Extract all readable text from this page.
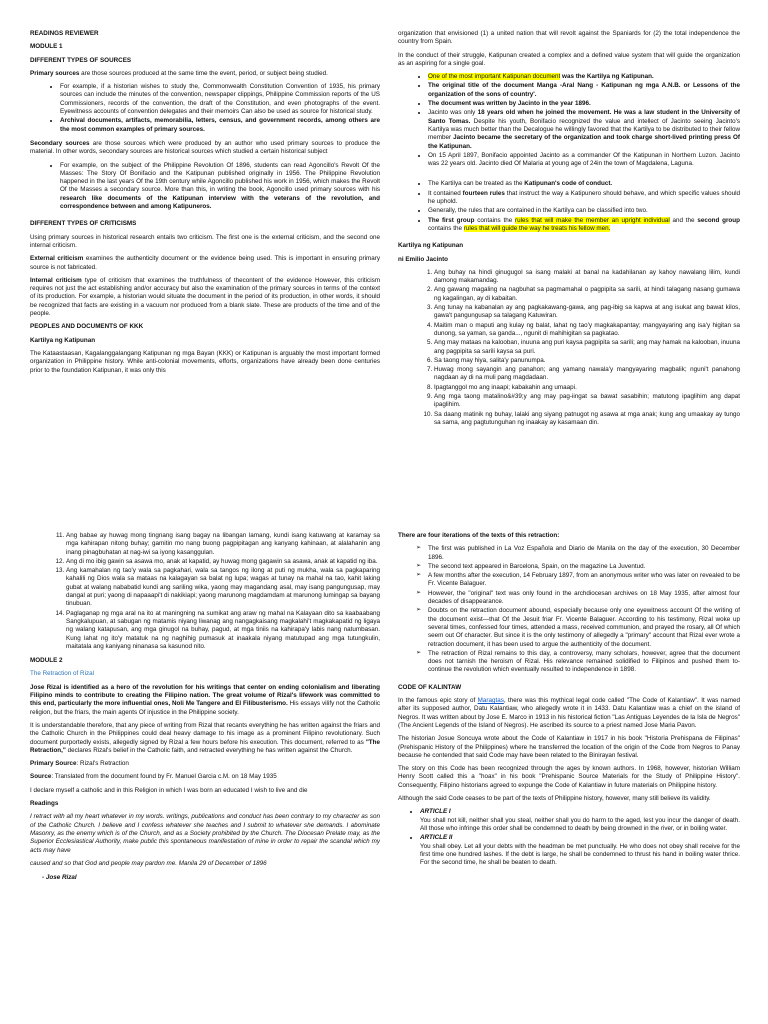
READINGS REVIEWER

MODULE 1

DIFFERENT TYPES OF SOURCES

Primary sources are those sources produced at the same time the event, period, or subject being studied.

• For example, if a historian wishes to study the, Commonwealth Constitution Convention of 1935, his primary sources can include the minutes of the convention, newspaper clippings, Philippine Commission reports of the US Commissioners, records of the convention, the draft of the Constitution, and even photographs of the event. Eyewitness accounts of convention delegates and their memoirs Can also be used as source for historical study.
• Archival documents, artifacts, memorabilia, letters, census, and government records, among others are the most common examples of primary sources.

Secondary sources are those sources which were produced by an author who used primary sources to produce the material. In other words, secondary sources are historical sources which studied a certain historical subject

• For example, on the subject of the Philippine Revolution Of 1896, students can read Agoncillo's Revolt Of the Masses: The Story Of Bonifacio and the Katipunan published originally in 1956. The Philippine Revolution happened in the last years Of the 19th century while Agoncillo published his work in 1956, which makes the Revolt Of the Masses a secondary source. More than this, in writing the book, Agoncillo used primary sources with his research like documents of the Katipunan interview with the veterans of the revolution, and correspondence between and among Katipuneros.

DIFFERENT TYPES OF CRITICISMS

Using primary sources in historical research entails two criticism. The first one is the external criticism, and the second one internal criticism.

External criticism examines the authenticity document or the evidence being used. This is important in ensuring primary source is not fabricated.

Internal criticism type of criticism that examines the truthfulness of thecontent of the evidence However, this criticism requires not just the act establishing and/or accuracy but also the examination of the primary sources in terms of the context of its production. For example, a historian would situate the document in the period of its production, in other words, it should be recognized that facts are existing in a vacuum nor produced from a blank slate. These are products of the time and of the people.

PEOPLES AND DOCUMENTS OF KKK

Kartilya ng Katipunan

The Kataastaasan, Kagalanggalangang Katipunan ng mga Bayan (KKK) or Katipunan is arguably the most important formed organization in Philippine history. While anti-colonial movements, efforts, organizations have already been done centuries prior to the foundation Katipunan, it was only this

organization that envisioned (1) a united nation that will revolt against the Spaniards for (2) the total independence the country from Spain.

In the conduct of their struggle, Katipunan created a complex and a defined value system that will guide the organization as an aspiring for a single goal.

• One of the most important Katipunan document was the Kartilya ng Katipunan.
• The original title of the document Manga -Aral Nang - Katipunan ng mga A.N.B. or Lessons of the organization of the sons of country'.
• The document was written by Jacinto in the year 1896.
• Jacinto was only 18 years old when he joined the movement. He was a law student in the University of Santo Tomas. Despite his youth, Bonifacio recognized the value and intellect of Jacinto seeing Jacinto's Kartilya was much better than the Decalogue he willingly favored that the Kartilya to be distributed to their fellow member Jacinto became the secretary of the organization and took charge short-lived printing press Of the Katipunan.
• On 15 April 1897, Bonifacio appointed Jacinto as a commander Of the Katipunan in Northern Luzon. Jacinto was 22 years old. Jacinto died Of Malaria at young age of 24in the town of Magdalena, Laguna.
• The Kartilya can be treated as the Katipunan's code of conduct.
• It contained fourteen rules that instruct the way a Katipunero should behave, and which specific values should he uphold.
• Generally, the rules that are contained in the Kartilya can be classified into two.
• The first group contains the rules that will make the member an upright individual and the second group contains the rules that will guide the way he treats his fellow men.

Kartilya ng Katipunan

ni Emilio Jacinto

1. Ang buhay na hindi ginugugol sa isang malaki at banal na kadahilanan ay kahoy nawalang lilim, kundi damong makamandag.
2. Ang gawang magaling na nagbuhat sa pagmamahal o pagpipita sa sarili, at hindi talagang nasang gumawa ng kagalingan, ay di kabaitan.
3. Ang tunay na kabanalan ay ang pagkakawang-gawa, ang pag-ibig sa kapwa at ang isukat ang bawat kilos, gawa't pangungusap sa talagang Katuwiran.
4. Maitim man o maputi ang kulay ng balat, lahat ng tao'y magkakapantay; mangyayaring ang isa'y higitan sa dunong, sa yaman, sa ganda..., ngunit di mahihigitan sa pagkatao.
5. Ang may mataas na kalooban, inuuna ang puri kaysa pagpipita sa sarili; ang may hamak na kalooban, inuuna ang pagpipita sa sarili kaysa sa puri.
6. Sa taong may hiya, salita'y panunumpa.
7. Huwag mong sayangin ang panahon; ang yamang nawala'y mangyayaring magbalik; nguni't panahong nagdaan ay di na muli pang magdadaan.
8. Ipagtanggol mo ang inaapi; kabakahin ang umaapi.
9. Ang mga taong matalino&#39;y ang may pag-iingat sa bawat sasabihin; matutong ipaglihim ang dapat ipaglihim.
10. Sa daang matinik ng buhay, lalaki ang siyang patnugot ng asawa at mga anak; kung ang umaakay ay tungo sa sama, ang pagtutunguhan ng inaakay ay kasamaan din.
11. Ang babae ay huwag mong tingnang isang bagay na libangan lamang, kundi isang katuwang at karamay sa mga kahirapan nitong buhay; gamitin mo nang buong pagpipitagan ang kanyang kahinaan, at alalahanin ang inang pinagbuhatan at nag-iwi sa iyong kasanggulan.
12. Ang di mo ibig gawin sa asawa mo, anak at kapatid, ay huwag mong gagawin sa asawa, anak at kapatid ng iba.
13. Ang kamahalan ng tao'y wala sa pagkahari, wala sa tangos ng ilong at puti ng mukha, wala sa pagkaparing kahalili ng Dios wala sa mataas na kalagayan sa balat ng lupa; wagas at tunay na mahal na tao, kahit laking gubat at walang nababatid kundi ang sariling wika, yaong may magandang asal, may isang pangungusap, may dangal at puri; yaong di napaaapi't di nakikiapi; yaong marunong magdamdam at marunong lumingap sa bayang tinubuan.
14. Paglaganap ng mga aral na ito at maningning na sumikat ang araw ng mahal na Kalayaan dito sa kaabaabang Sangkalupuan, at sabugan ng matamis niyang liwanag ang nangagkaisang magkalahi't magkakapatid ng ligaya ng walang katapusan, ang mga ginugol na buhay, pagud, at mga tiniis na kahirapa'y labis nang natumbasan. Kung lahat ng ito'y matatuk na ng naghihig pumasuk at inaakala niyang matutupad ang mga tutungkulin, maitatala ang kaniyang ninanasa sa kasunod nito.

MODULE 2

The Retraction of Rizal

Jose Rizal is identified as a hero of the revolution for his writings that center on ending colonialism and liberating Filipino minds to contribute to creating the Filipino nation. The great volume of Rizal's lifework was committed to this end, particularly the more influential ones, Noli Me Tangere and El Filibusterismo. His essays vilify not the Catholic religion, but the friars, the main agents Of injustice in the Philippine society.

It is understandable therefore, that any piece of writing from Rizal that recants everything he has written against the friars and the Catholic Church in the Philippines could deal heavy damage to his image as a prominent Filipino revolutionary. Such document purportedly exists, allegedly signed by Rizal a few hours before his execution. This document, referred to as "The Retraction," declares Rizal's belief in the Catholic faith, and retracted everything he has written against the Church.

Primary Source: Rizal's Retraction

Source: Translated from the document found by Fr. Manuel Garcia c.M. on 18 May 1935

I declare myself a catholic and in this Religion in which I was born an educated I wish to live and die

Readings

I retract with all my heart whatever in my words. writings, publications and conduct has been contrary to my character as son of the Catholic Church. I believe and I confess whatever she teaches and I submit to whatever she demands. I abominate Masonry, as the enemy which is of the Church, and as a Society prohibited by the Church. The Diocesan Prelate may, as the Superior Ecclesiastical Authority, make public this spontaneous manifestation of mine in order to repair the scandal which my acts may have

caused and so that God and people may pardon me. Manila 29 of December of 1896

- Jose Rizal

There are four iterations of the texts of this retraction:

➢ The first was published in La Voz Española and Diario de Manila on the day of the execution, 30 December 1896.
➢ The second text appeared in Barcelona, Spain, on the magazine La Juventud.
➢ A few months after the execution, 14 February 1897, from an anonymous writer who was later on revealed to be Fr. Vicente Balaguer.
➢ However, the "original" text was only found in the archdiocesan archives on 18 May 1935, after almost four decades of disappearance.
➢ Doubts on the retraction document abound, especially because only one eyewitness account Of the writing of the document exist—that Of the Jesuit friar Fr. Vicente Balaguer. According to his testimony, Rizal woke up several times, confessed four times, attended a mass, received communion, and prayed the rosary, all Of which seem out Of character. But since it is the only testimony of allegedly a "primary" account that Rizal ever wrote a retraction document, it has been used to argue the authenticity of the document.
➢ The retraction of Rizal remains to this day, a controversy, many scholars, however, agree that the document does not tarnish the heroism of Rizal. His relevance remained solidified to Filipinos and pushed them to-continue the revolution which eventually resulted to independence in 1898.

CODE OF KALINTAW

In the famous epic story of Maragtas, there was this mythical legal code called "The Code of Kalantiaw". It was named after its supposed author, Datu Kalantiaw, who allegedly wrote it in 1433. Datu Kalantiaw was a chief on the island of Negros. It was written about by Jose E. Marco in 1913 in his historical fiction "Las Antiguas Leyendes de la Isla de Negros" (The Ancient Legends of the Island of Negros). He ascribed its source to a priest named Jose Maria Pavon.

The historian Josue Soncuya wrote about the Code of Kalantiaw in 1917 in his book "Historia Prehispana de Filipinas" (Prehispanic History of the Philippines) where he transferred the location of the origin of the Code from Negros to Panay because he contended that said Code may have been related to the Binirayan festival.

The story on this Code has been recognized through the ages by known authors. In 1968, however, historian William Henry Scott called this a "hoax" in his book "Prehispanic Source Materials for the Study of Philippine History". Consequently, Filipino historians agreed to expunge the Code of Kalantiaw in future materials on Philippine history.

Although the said Code ceases to be part of the texts of Philippine history, however, many still believe its validity.

• ARTICLE I
You shall not kill, neither shall you steal, neither shall you do harm to the aged, lest you incur the danger of death. All those who infringe this order shall be condemned to death by being drowned in the river, or in boiling water.
• ARTICLE II
You shall obey. Let all your debts with the headman be met punctually. He who does not obey shall receive for the first time one hundred lashes. If the debt is large, he shall be condemned to thrust his hand in boiling water thrice. For the second time, he shall be beaten to death.
